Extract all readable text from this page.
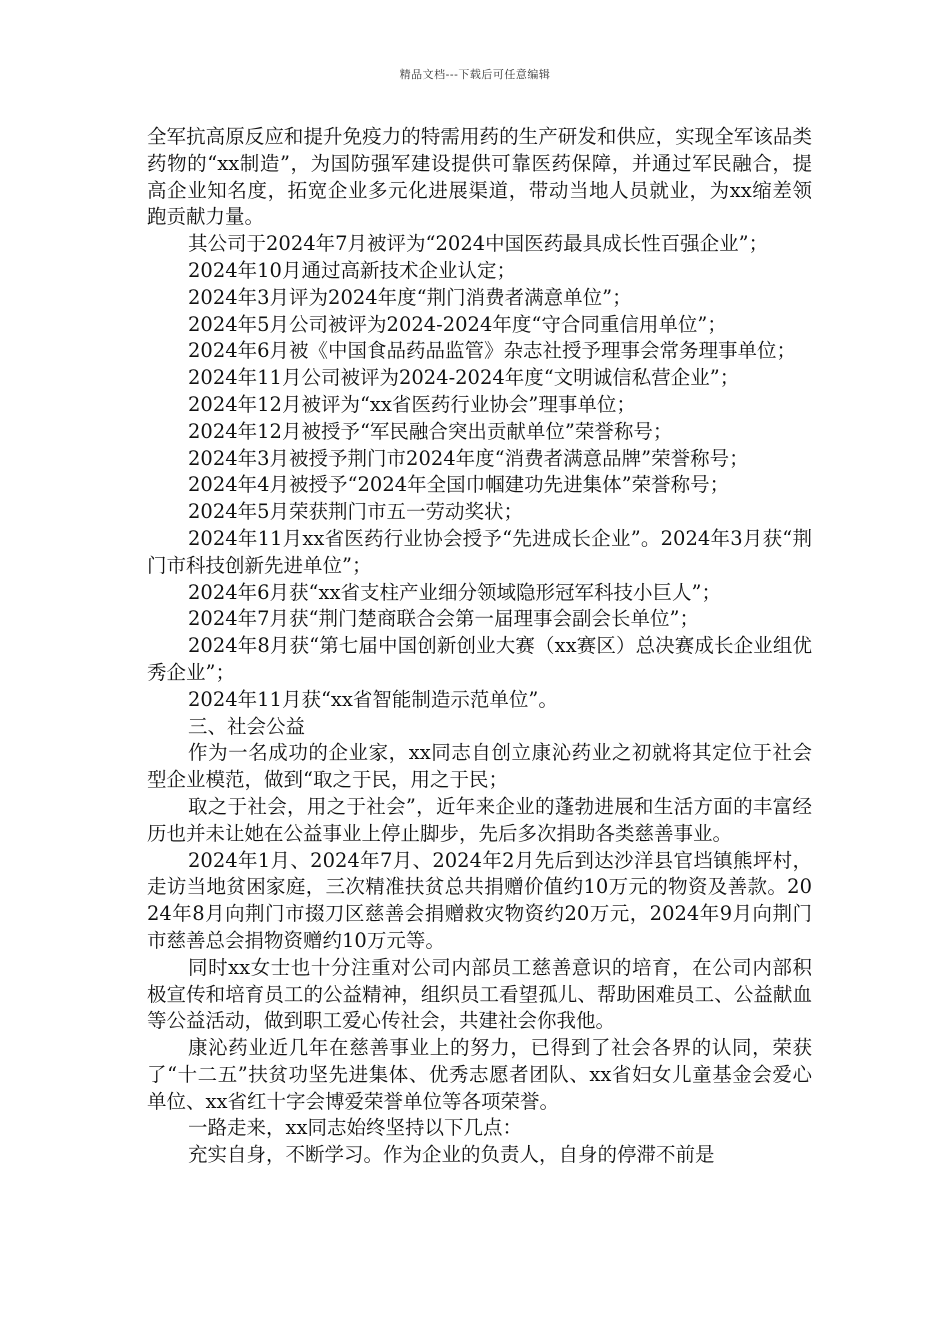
精品文档---下载后可任意编辑

全军抗高原反应和提升免疫力的特需用药的生产研发和供应，实现全军该品类药物的“xx制造”，为国防强军建设提供可靠医药保障，并通过军民融合，提高企业知名度，拓宽企业多元化进展渠道，带动当地人员就业，为xx缩差领跑贡献力量。

其公司于2024年7月被评为“2024中国医药最具成长性百强企业”；

2024年10月通过高新技术企业认定；

2024年3月评为2024年度“荆门消费者满意单位”；

2024年5月公司被评为2024-2024年度“守合同重信用单位”；

2024年6月被《中国食品药品监管》杂志社授予理事会常务理事单位；

2024年11月公司被评为2024-2024年度“文明诚信私营企业”；

2024年12月被评为“xx省医药行业协会”理事单位；

2024年12月被授予“军民融合突出贡献单位”荣誉称号；

2024年3月被授予荆门市2024年度“消费者满意品牌”荣誉称号；

2024年4月被授予“2024年全国巾帼建功先进集体”荣誉称号；

2024年5月荣获荆门市五一劳动奖状；

2024年11月xx省医药行业协会授予“先进成长企业”。2024年3月获“荆门市科技创新先进单位”；

2024年6月获“xx省支柱产业细分领域隐形冠军科技小巨人”；

2024年7月获“荆门楚商联合会第一届理事会副会长单位”；

2024年8月获“第七届中国创新创业大赛（xx赛区）总决赛成长企业组优秀企业”；

2024年11月获“xx省智能制造示范单位”。

三、社会公益

作为一名成功的企业家，xx同志自创立康沁药业之初就将其定位于社会型企业模范，做到“取之于民，用之于民；

取之于社会，用之于社会”，近年来企业的蓬勃进展和生活方面的丰富经历也并未让她在公益事业上停止脚步，先后多次捐助各类慈善事业。

2024年1月、2024年7月、2024年2月先后到达沙洋县官垱镇熊坪村，走访当地贫困家庭，三次精准扶贫总共捐赠价值约10万元的物资及善款。2024年8月向荆门市掇刀区慈善会捐赠救灾物资约20万元，2024年9月向荆门市慈善总会捐物资赠约10万元等。

同时xx女士也十分注重对公司内部员工慈善意识的培育，在公司内部积极宣传和培育员工的公益精神，组织员工看望孤儿、帮助困难员工、公益献血等公益活动，做到职工爱心传社会，共建社会你我他。

康沁药业近几年在慈善事业上的努力，已得到了社会各界的认同，荣获了“十二五”扶贫功坚先进集体、优秀志愿者团队、xx省妇女儿童基金会爱心单位、xx省红十字会博爱荣誉单位等各项荣誉。

一路走来，xx同志始终坚持以下几点：

充实自身，不断学习。作为企业的负责人，自身的停滞不前是
